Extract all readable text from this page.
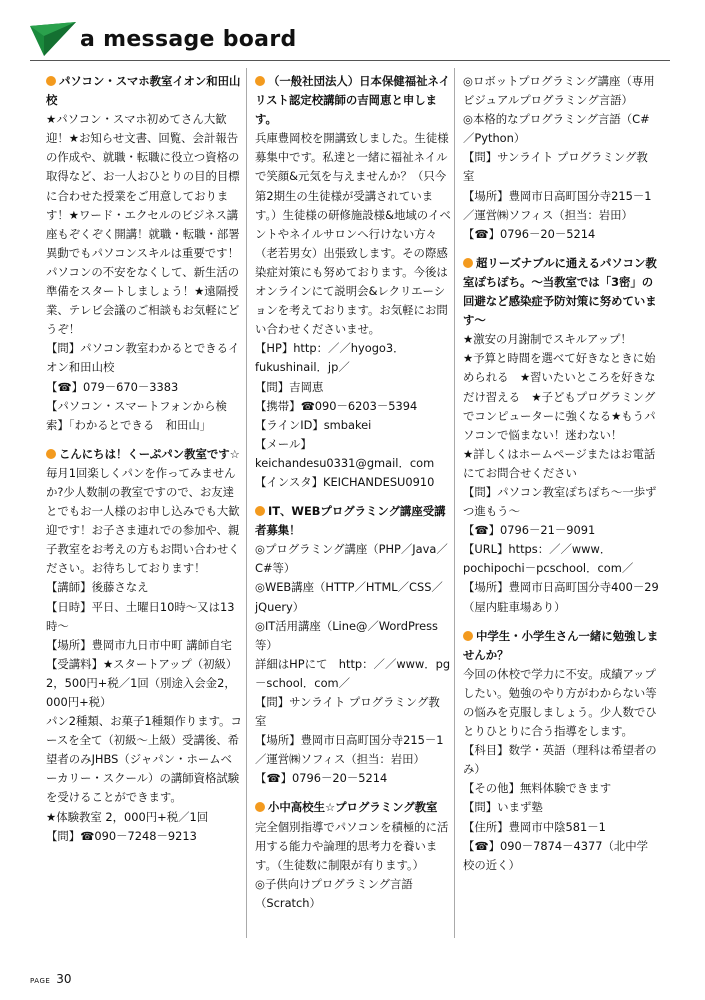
a message board
パソコン・スマホ教室イオン和田山校
★パソコン・スマホ初めてさん大歓迎！★お知らせ文書、回覧、会計報告の作成や、就職・転職に役立つ資格の取得など、お一人おひとりの目的目標に合わせた授業をご用意しております！★ワード・エクセルのビジネス講座もぞくぞく開講！就職・転職・部署異動でもパソコンスキルは重要です！パソコンの不安をなくして、新生活の準備をスタートしましょう！★遠隔授業、テレビ会議のご相談もお気軽にどうぞ！
【問】パソコン教室わかるとできるイオン和田山校
【☎】079－670－3383
【パソコン・スマートフォンから検索】「わかるとできる　和田山」
こんにちは！くーぷパン教室です☆
毎月1回楽しくパンを作ってみませんか?少人数制の教室ですので、お友達とでもお一人様のお申し込みでも大歓迎です！お子さま連れでの参加や、親子教室をお考えの方もお問い合わせください。お待ちしております！
【講師】後藤さなえ
【日時】平日、土曜日10時～又は13時～
【場所】豊岡市九日市中町 講師自宅
【受講料】★スタートアップ（初級）2，500円+税／1回（別途入会金2，000円+税）
パン2種類、お菓子1種類作ります。コースを全て（初級～上級）受講後、希望者のみJHBS（ジャパン・ホームベーカリー・スクール）の講師資格試験を受けることができます。
★体験教室 2，000円+税／1回
【問】☎090－7248－9213
（一般社団法人）日本保健福祉ネイリスト認定校講師の吉岡恵と申します。
兵庫豊岡校を開講致しました。生徒様募集中です。私達と一緒に福祉ネイルで笑顔&元気を与えませんか？（只今第2期生の生徒様が受講されています。）生徒様の研修施設様&地域のイベントやネイルサロンへ行けない方々（老若男女）出張致します。その際感染症対策にも努めております。今後はオンラインにて説明会&レクリエーションを考えております。お気軽にお問い合わせくださいませ。
【HP】http：／／hyogo3．fukushinail．jp／
【問】吉岡恵
【携帯】☎090－6203－5394
【ラインID】smbakei
【メール】keichandesu0331@gmail．com
【インスタ】KEICHANDESU0910
IT、WEBプログラミング講座受講者募集！
◎プログラミング講座（PHP／Java／C#等）
◎WEB講座（HTTP／HTML／CSS／jQuery）
◎IT活用講座（Line@／WordPress等）
詳細はHPにて　http：／／www．pg－school．com／
【問】サンライト プログラミング教室
【場所】豊岡市日高町国分寺215－1／運営㈱ソフィス（担当：岩田）
【☎】0796－20－5214
小中高校生☆プログラミング教室
完全個別指導でパソコンを積極的に活用する能力や論理的思考力を養います。（生徒数に制限が有ります。）
◎子供向けプログラミング言語（Scratch）
◎ロボットプログラミング講座（専用ビジュアルプログラミング言語）
◎本格的なプログラミング言語（C#／Python）
【問】サンライト プログラミング教室
【場所】豊岡市日高町国分寺215－1／運営㈱ソフィス（担当：岩田）
【☎】0796－20－5214
超リーズナブルに通えるパソコン教室ぽちぽち。～当教室では「3密」の回避など感染症予防対策に努めています～
★激安の月謝制でスキルアップ！
★予算と時間を選べて好きなときに始められる　★習いたいところを好きなだけ習える　★子どもプログラミングでコンピューターに強くなる★もうパソコンで悩まない！迷わない！
★詳しくはホームページまたはお電話にてお問合せください
【問】パソコン教室ぽちぽち～一歩ずつ進もう～
【☎】0796－21－9091
【URL】https：／／www．pochipochi－pcschool．com／
【場所】豊岡市日高町国分寺400－29（屋内駐車場あり）
中学生・小学生さん一緒に勉強しませんか？
今回の休校で学力に不安。成績アップしたい。勉強のやり方がわからない等の悩みを克服しましょう。少人数でひとりひとりに合う指導をします。
【科目】数学・英語（理科は希望者のみ）
【その他】無料体験できます
【問】いまず塾
【住所】豊岡市中陰581－1
【☎】090－7874－4377（北中学校の近く）
PAGE 30
